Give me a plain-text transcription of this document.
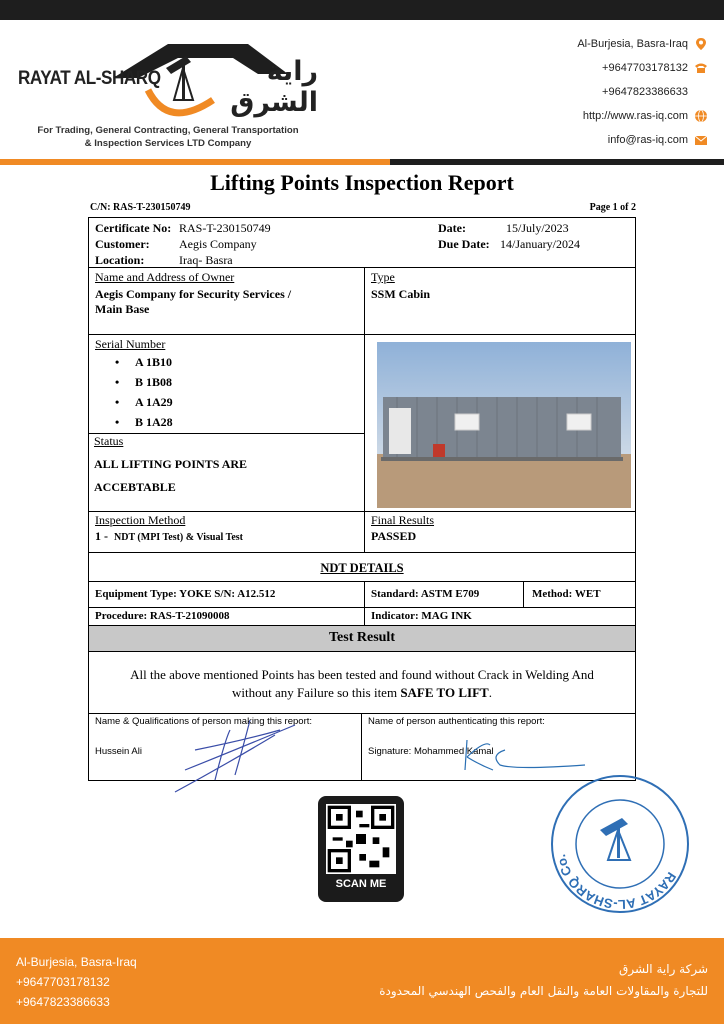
RAYAT AL-SHARQ	راية الشرق
For Trading, General Contracting, General Transportation
& Inspection Services LTD Company
Al-Burjesia, Basra-Iraq
+9647703178132
+9647823386633
http://www.ras-iq.com
info@ras-iq.com
Lifting Points Inspection Report
C/N: RAS-T-230150749	Page 1 of 2
Certificate No: RAS-T-230150749
Customer: Aegis Company
Location:	Iraq- Basra
Date:	15/July/2023
Due Date: 14/January/2024
Name and Address of Owner
Aegis Company for Security Services /
Main Base
Type
SSM Cabin
Serial Number
• A 1B10
• B 1B08
• A 1A29
• B 1A28
Status
ALL LIFTING POINTS ARE
ACCEBTABLE
Inspection Method
1 - NDT (MPI Test) & Visual Test
Final Results
PASSED
NDT DETAILS
Equipment Type: YOKE S/N: A12.512	Standard: ASTM E709	Method: WET
Procedure: RAS-T-21090008	Indicator: MAG INK
Test Result
All the above mentioned Points has been tested and found without Crack in Welding And
without any Failure so this item SAFE TO LIFT.
Name & Qualifications of person making this report:
Hussein Ali
Name of person authenticating this report:
Signature: Mohammed Kamal
SCAN ME	RAYAT AL-SHARQ Co.
Al-Burjesia, Basra-Iraq
+9647703178132
+9647823386633
شركة راية الشرق
للتجارة والمقاولات العامة والنقل العام والفحص الهندسي المحدودة
